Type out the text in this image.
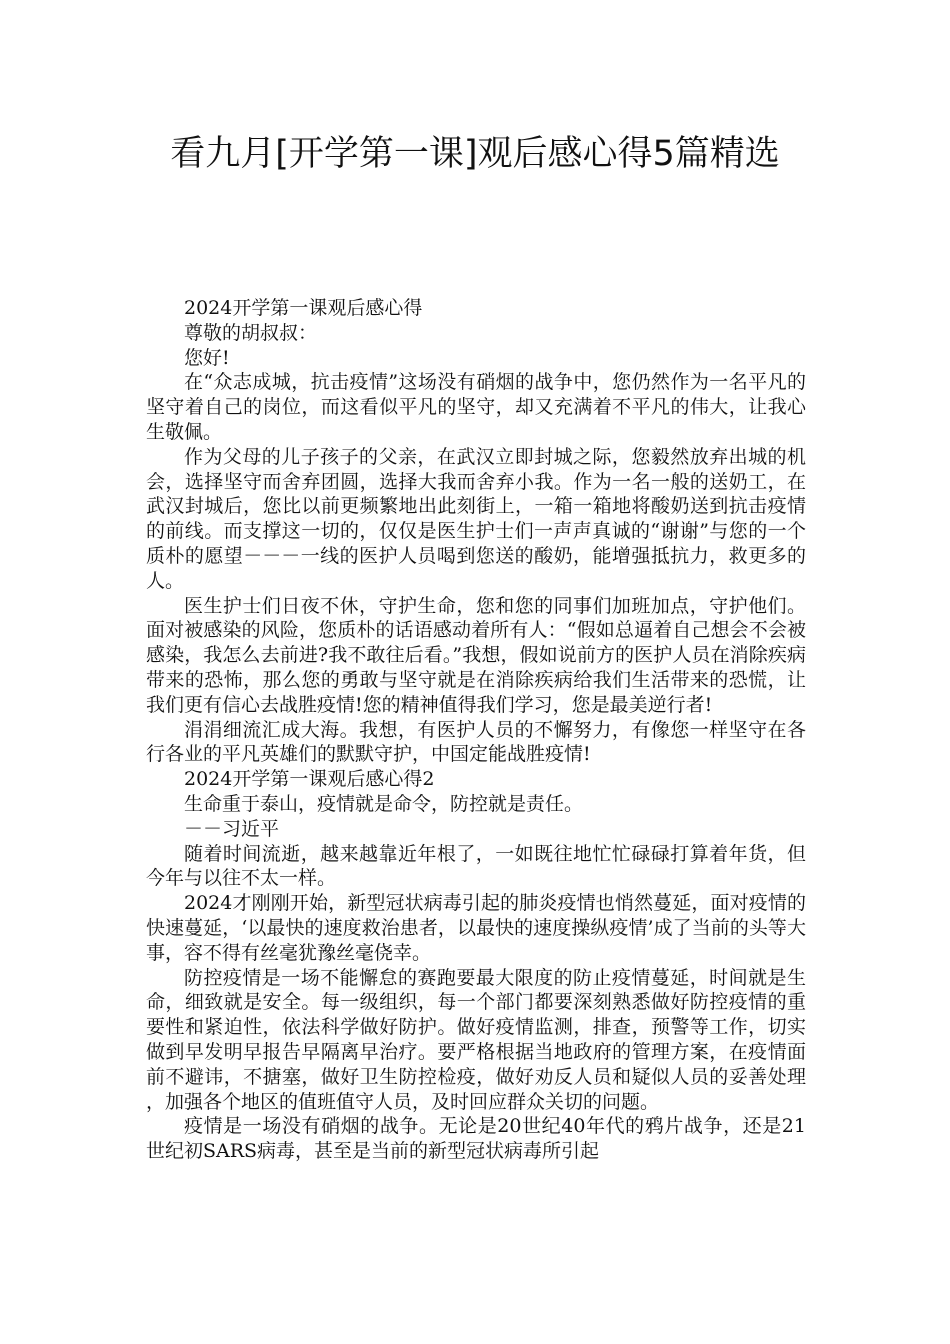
看九月[开学第一课]观后感心得5篇精选

2024开学第一课观后感心得

尊敬的胡叔叔：

您好!

在“众志成城，抗击疫情”这场没有硝烟的战争中，您仍然作为一名平凡的坚守着自己的岗位，而这看似平凡的坚守，却又充满着不平凡的伟大，让我心生敬佩。

作为父母的儿子孩子的父亲，在武汉立即封城之际，您毅然放弃出城的机会，选择坚守而舍弃团圆，选择大我而舍弃小我。作为一名一般的送奶工，在武汉封城后，您比以前更频繁地出此刻街上，一箱一箱地将酸奶送到抗击疫情的前线。而支撑这一切的，仅仅是医生护士们一声声真诚的“谢谢”与您的一个质朴的愿望－－－一线的医护人员喝到您送的酸奶，能增强抵抗力，救更多的人。

医生护士们日夜不休，守护生命，您和您的同事们加班加点，守护他们。面对被感染的风险，您质朴的话语感动着所有人：“假如总逼着自己想会不会被感染，我怎么去前进?我不敢往后看。”我想，假如说前方的医护人员在消除疾病带来的恐怖，那么您的勇敢与坚守就是在消除疾病给我们生活带来的恐慌，让我们更有信心去战胜疫情!您的精神值得我们学习，您是最美逆行者!

涓涓细流汇成大海。我想，有医护人员的不懈努力，有像您一样坚守在各行各业的平凡英雄们的默默守护，中国定能战胜疫情!

2024开学第一课观后感心得2

生命重于泰山，疫情就是命令，防控就是责任。

－－习近平

随着时间流逝，越来越靠近年根了，一如既往地忙忙碌碌打算着年货，但今年与以往不太一样。

2024才刚刚开始，新型冠状病毒引起的肺炎疫情也悄然蔓延，面对疫情的快速蔓延，‘以最快的速度救治患者，以最快的速度操纵疫情’成了当前的头等大事，容不得有丝毫犹豫丝毫侥幸。

防控疫情是一场不能懈怠的赛跑要最大限度的防止疫情蔓延，时间就是生命，细致就是安全。每一级组织，每一个部门都要深刻熟悉做好防控疫情的重要性和紧迫性，依法科学做好防护。做好疫情监测，排查，预警等工作，切实做到早发明早报告早隔离早治疗。要严格根据当地政府的管理方案，在疫情面前不避讳，不搪塞，做好卫生防控检疫，做好劝反人员和疑似人员的妥善处理，加强各个地区的值班值守人员，及时回应群众关切的问题。

疫情是一场没有硝烟的战争。无论是20世纪40年代的鸦片战争，还是21世纪初SARS病毒，甚至是当前的新型冠状病毒所引起
